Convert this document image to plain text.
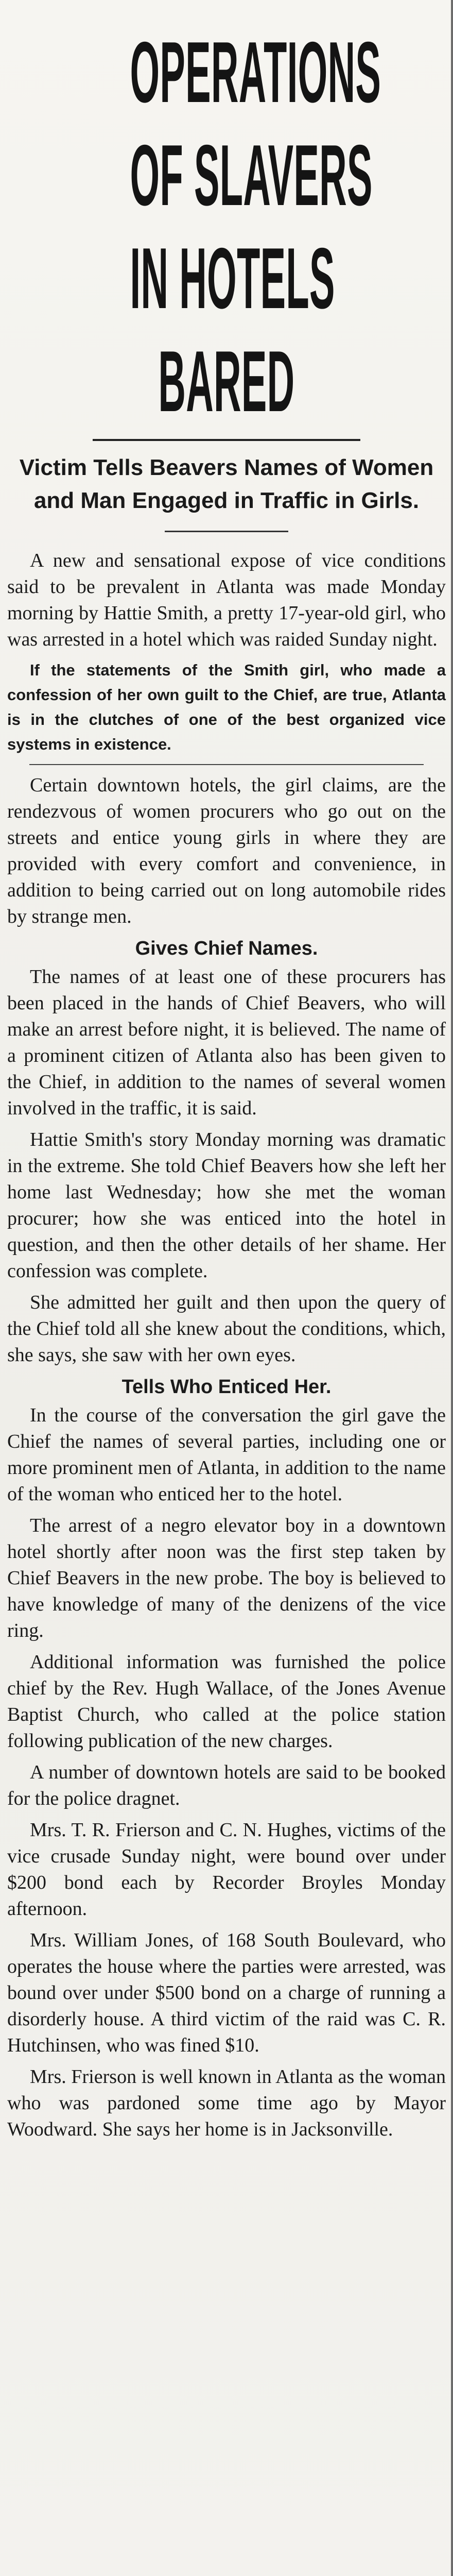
OPERATIONS
OF SLAVERS
IN HOTELS
BARED
Victim Tells Beavers Names of Women and Man Engaged in Traffic in Girls.

A new and sensational expose of vice conditions said to be prevalent in Atlanta was made Monday morning by Hattie Smith, a pretty 17-year-old girl, who was arrested in a hotel which was raided Sunday night.

If the statements of the Smith girl, who made a confession of her own guilt to the Chief, are true, Atlanta is in the clutches of one of the best organized vice systems in existence.

Certain downtown hotels, the girl claims, are the rendezvous of women procurers who go out on the streets and entice young girls in where they are provided with every comfort and convenience, in addition to being carried out on long automobile rides by strange men.

Gives Chief Names.

The names of at least one of these procurers has been placed in the hands of Chief Beavers, who will make an arrest before night, it is believed. The name of a prominent citizen of Atlanta also has been given to the Chief, in addition to the names of several women involved in the traffic, it is said.

Hattie Smith's story Monday morning was dramatic in the extreme. She told Chief Beavers how she left her home last Wednesday; how she met the woman procurer; how she was enticed into the hotel in question, and then the other details of her shame. Her confession was complete.

She admitted her guilt and then upon the query of the Chief told all she knew about the conditions, which, she says, she saw with her own eyes.

Tells Who Enticed Her.

In the course of the conversation the girl gave the Chief the names of several parties, including one or more prominent men of Atlanta, in addition to the name of the woman who enticed her to the hotel.

The arrest of a negro elevator boy in a downtown hotel shortly after noon was the first step taken by Chief Beavers in the new probe. The boy is believed to have knowledge of many of the denizens of the vice ring.

Additional information was furnished the police chief by the Rev. Hugh Wallace, of the Jones Avenue Baptist Church, who called at the police station following publication of the new charges.

A number of downtown hotels are said to be booked for the police dragnet.

Mrs. T. R. Frierson and C. N. Hughes, victims of the vice crusade Sunday night, were bound over under $200 bond each by Recorder Broyles Monday afternoon.

Mrs. William Jones, of 168 South Boulevard, who operates the house where the parties were arrested, was bound over under $500 bond on a charge of running a disorderly house. A third victim of the raid was C. R. Hutchinsen, who was fined $10.

Mrs. Frierson is well known in Atlanta as the woman who was pardoned some time ago by Mayor Woodward. She says her home is in Jacksonville.
